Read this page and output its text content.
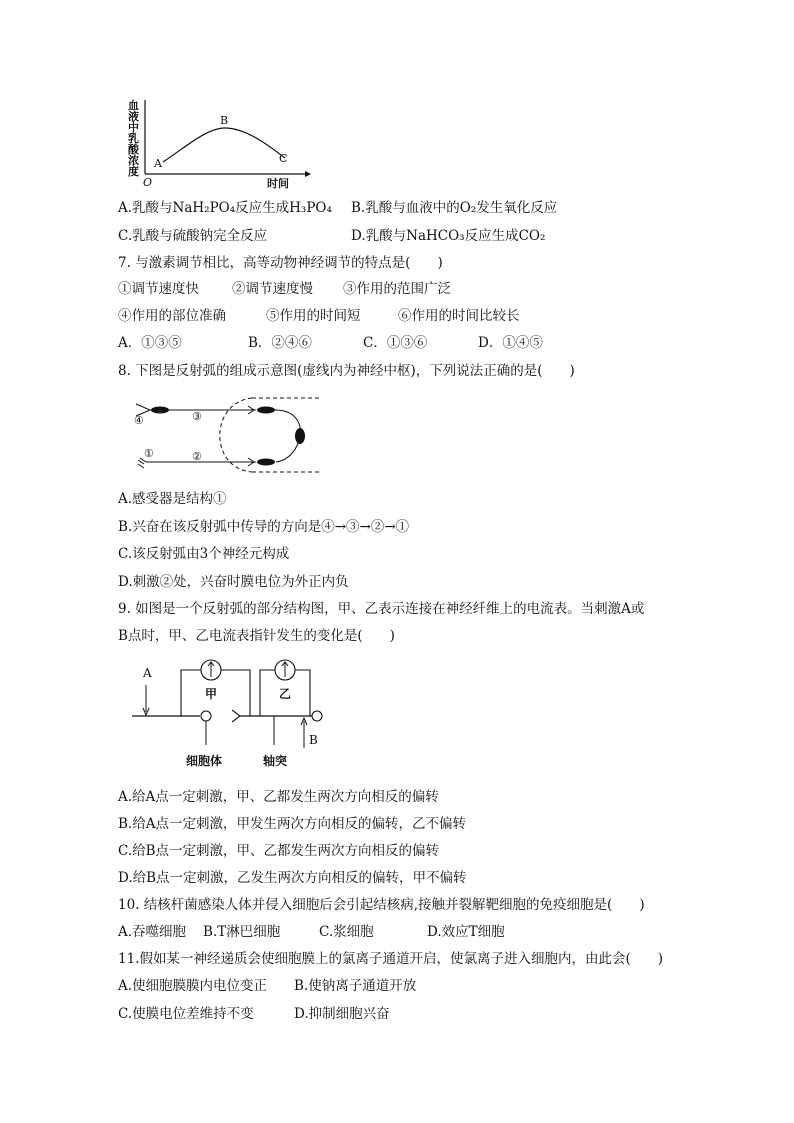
血
液
中
乳
酸
浓
度
O
A
B
C
时间
A.乳酸与NaH₂PO₄反应生成H₃PO₄ B.乳酸与血液中的O₂发生氧化反应
C.乳酸与硫酸钠完全反应	D.乳酸与NaHCO₃反应生成CO₂
7. 与激素调节相比，高等动物神经调节的特点是(　　)
①调节速度快 ②调节速度慢 ③作用的范围广泛
④作用的部位准确	⑤作用的时间短	⑥作用的时间比较长
A．①③⑤	B．②④⑥	C．①③⑥	D．①④⑤
8. 下图是反射弧的组成示意图(虚线内为神经中枢)，下列说法正确的是(　　)
④	③
①	②
A.感受器是结构①
B.兴奋在该反射弧中传导的方向是④→③→②→①
C.该反射弧由3个神经元构成
D.刺激②处，兴奋时膜电位为外正内负
9. 如图是一个反射弧的部分结构图，甲、乙表示连接在神经纤维上的电流表。当刺激A或
B点时，甲、乙电流表指针发生的变化是(　　)
A
甲	乙
B
细胞体	轴突
A.给A点一定刺激，甲、乙都发生两次方向相反的偏转
B.给A点一定刺激，甲发生两次方向相反的偏转，乙不偏转
C.给B点一定刺激，甲、乙都发生两次方向相反的偏转
D.给B点一定刺激，乙发生两次方向相反的偏转，甲不偏转
10. 结核杆菌感染人体并侵入细胞后会引起结核病,接触并裂解靶细胞的免疫细胞是(　　)
A.吞噬细胞 B.T淋巴细胞	C.浆细胞	D.效应T细胞
11.假如某一神经递质会使细胞膜上的氯离子通道开启，使氯离子进入细胞内，由此会(　　)
A.使细胞膜膜内电位变正 B.使钠离子通道开放
C.使膜电位差维持不变	D.抑制细胞兴奋
